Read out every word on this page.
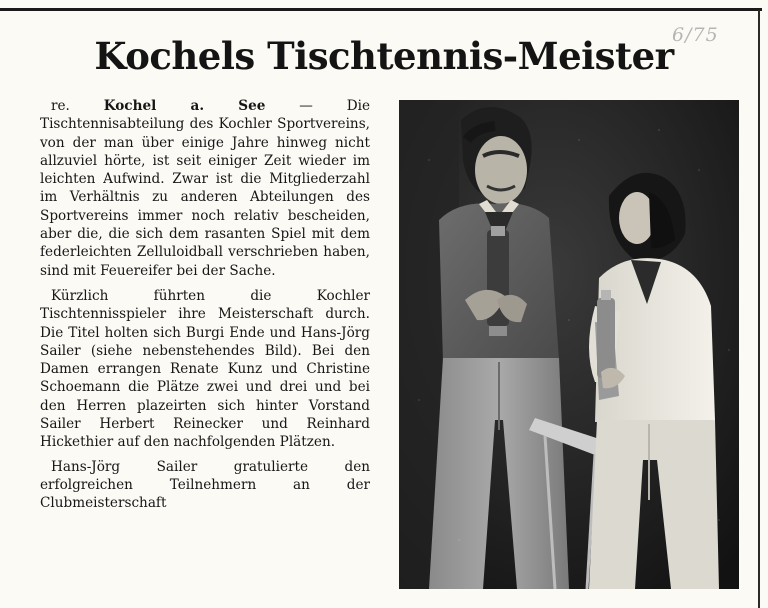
6/75
Kochels Tischtennis-Meister

re. Kochel a. See — Die Tischtennisabteilung des Kochler Sportvereins, von der man über einige Jahre hinweg nicht allzuviel hörte, ist seit einiger Zeit wieder im leichten Aufwind. Zwar ist die Mitgliederzahl im Verhältnis zu anderen Abteilungen des Sportvereins immer noch relativ bescheiden, aber die, die sich dem rasanten Spiel mit dem federleichten Zelluloidball verschrieben haben, sind mit Feuereifer bei der Sache.

Kürzlich führten die Kochler Tischtennisspieler ihre Meisterschaft durch. Die Titel holten sich Burgi Ende und Hans-Jörg Sailer (siehe nebenstehendes Bild). Bei den Damen errangen Renate Kunz und Christine Schoemann die Plätze zwei und drei und bei den Herren plazeirten sich hinter Vorstand Sailer Herbert Reinecker und Reinhard Hickethier auf den nachfolgenden Plätzen.

Hans-Jörg Sailer gratulierte den erfolgreichen Teilnehmern an der Clubmeisterschaft
